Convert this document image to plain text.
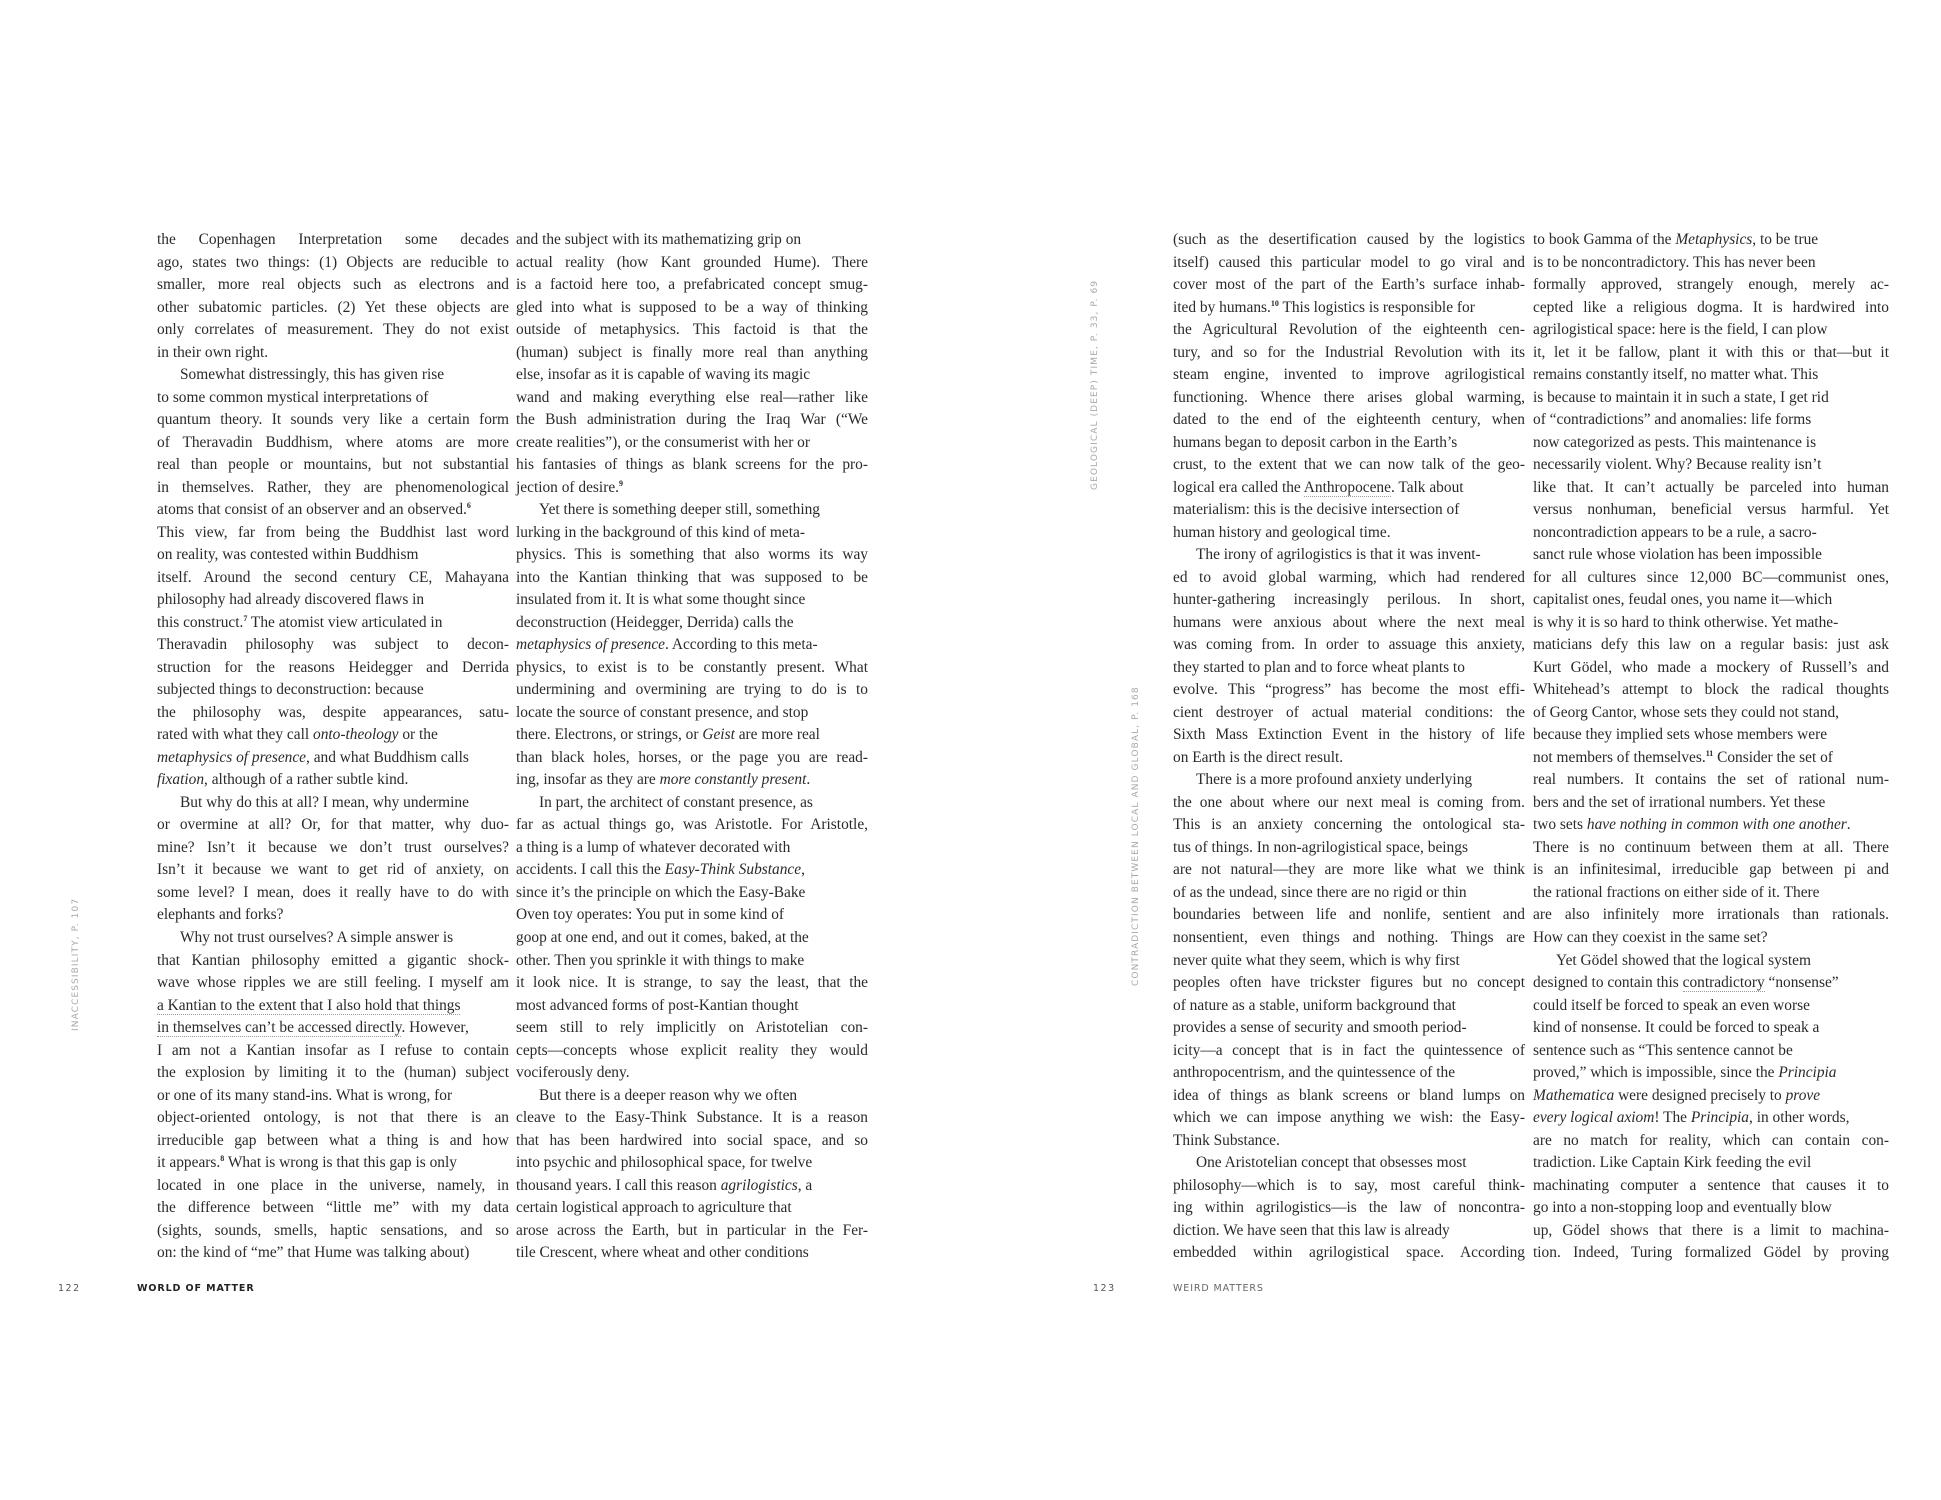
the Copenhagen Interpretation some decades
ago, states two things: (1) Objects are reducible to
smaller, more real objects such as electrons and
other subatomic particles. (2) Yet these objects are
only correlates of measurement. They do not exist
in their own right.
Somewhat distressingly, this has given rise
to some common mystical interpretations of
quantum theory. It sounds very like a certain form
of Theravadin Buddhism, where atoms are more
real than people or mountains, but not substantial
in themselves. Rather, they are phenomenological
atoms that consist of an observer and an observed.$^6$
This view, far from being the Buddhist last word
on reality, was contested within Buddhism
itself. Around the second century CE, Mahayana
philosophy had already discovered flaws in
this construct.$^7$ The atomist view articulated in
Theravadin philosophy was subject to decon-
struction for the reasons Heidegger and Derrida
subjected things to deconstruction: because
the philosophy was, despite appearances, satu-
rated with what they call onto-theology or the
metaphysics of presence, and what Buddhism calls
fixation, although of a rather subtle kind.
But why do this at all? I mean, why undermine
or overmine at all? Or, for that matter, why duo-
mine? Isn’t it because we don’t trust ourselves?
Isn’t it because we want to get rid of anxiety, on
some level? I mean, does it really have to do with
elephants and forks?
Why not trust ourselves? A simple answer is
that Kantian philosophy emitted a gigantic shock-
wave whose ripples we are still feeling. I myself am
a Kantian to the extent that I also hold that things
in themselves can’t be accessed directly. However,
I am not a Kantian insofar as I refuse to contain
the explosion by limiting it to the (human) subject
or one of its many stand-ins. What is wrong, for
object-oriented ontology, is not that there is an
irreducible gap between what a thing is and how
it appears.$^8$ What is wrong is that this gap is only
located in one place in the universe, namely, in
the difference between “little me” with my data
(sights, sounds, smells, haptic sensations, and so
on: the kind of “me” that Hume was talking about)
and the subject with its mathematizing grip on
actual reality (how Kant grounded Hume). There
is a factoid here too, a prefabricated concept smug-
gled into what is supposed to be a way of thinking
outside of metaphysics. This factoid is that the
(human) subject is finally more real than anything
else, insofar as it is capable of waving its magic
wand and making everything else real—rather like
the Bush administration during the Iraq War (“We
create realities”), or the consumerist with her or
his fantasies of things as blank screens for the pro-
jection of desire.$^9$
Yet there is something deeper still, something
lurking in the background of this kind of meta-
physics. This is something that also worms its way
into the Kantian thinking that was supposed to be
insulated from it. It is what some thought since
deconstruction (Heidegger, Derrida) calls the
metaphysics of presence. According to this meta-
physics, to exist is to be constantly present. What
undermining and overmining are trying to do is to
locate the source of constant presence, and stop
there. Electrons, or strings, or Geist are more real
than black holes, horses, or the page you are read-
ing, insofar as they are more constantly present.
In part, the architect of constant presence, as
far as actual things go, was Aristotle. For Aristotle,
a thing is a lump of whatever decorated with
accidents. I call this the Easy-Think Substance,
since it’s the principle on which the Easy-Bake
Oven toy operates: You put in some kind of
goop at one end, and out it comes, baked, at the
other. Then you sprinkle it with things to make
it look nice. It is strange, to say the least, that the
most advanced forms of post-Kantian thought
seem still to rely implicitly on Aristotelian con-
cepts—concepts whose explicit reality they would
vociferously deny.
But there is a deeper reason why we often
cleave to the Easy-Think Substance. It is a reason
that has been hardwired into social space, and so
into psychic and philosophical space, for twelve
thousand years. I call this reason agrilogistics, a
certain logistical approach to agriculture that
arose across the Earth, but in particular in the Fer-
tile Crescent, where wheat and other conditions
INACCESSIBILITY, P. 107
122	WORLD OF MATTER
(such as the desertification caused by the logistics
itself) caused this particular model to go viral and
cover most of the part of the Earth’s surface inhab-
ited by humans.$^{10}$ This logistics is responsible for
the Agricultural Revolution of the eighteenth cen-
tury, and so for the Industrial Revolution with its
steam engine, invented to improve agrilogistical
functioning. Whence there arises global warming,
dated to the end of the eighteenth century, when
humans began to deposit carbon in the Earth’s
crust, to the extent that we can now talk of the geo-
logical era called the Anthropocene. Talk about
materialism: this is the decisive intersection of
human history and geological time.
The irony of agrilogistics is that it was invent-
ed to avoid global warming, which had rendered
hunter-gathering increasingly perilous. In short,
humans were anxious about where the next meal
was coming from. In order to assuage this anxiety,
they started to plan and to force wheat plants to
evolve. This “progress” has become the most effi-
cient destroyer of actual material conditions: the
Sixth Mass Extinction Event in the history of life
on Earth is the direct result.
There is a more profound anxiety underlying
the one about where our next meal is coming from.
This is an anxiety concerning the ontological sta-
tus of things. In non-agrilogistical space, beings
are not natural—they are more like what we think
of as the undead, since there are no rigid or thin
boundaries between life and nonlife, sentient and
nonsentient, even things and nothing. Things are
never quite what they seem, which is why first
peoples often have trickster figures but no concept
of nature as a stable, uniform background that
provides a sense of security and smooth period-
icity—a concept that is in fact the quintessence of
anthropocentrism, and the quintessence of the
idea of things as blank screens or bland lumps on
which we can impose anything we wish: the Easy-
Think Substance.
One Aristotelian concept that obsesses most
philosophy—which is to say, most careful think-
ing within agrilogistics—is the law of noncontra-
diction. We have seen that this law is already
embedded within agrilogistical space. According
to book Gamma of the Metaphysics, to be true
is to be noncontradictory. This has never been
formally approved, strangely enough, merely ac-
cepted like a religious dogma. It is hardwired into
agrilogistical space: here is the field, I can plow
it, let it be fallow, plant it with this or that—but it
remains constantly itself, no matter what. This
is because to maintain it in such a state, I get rid
of “contradictions” and anomalies: life forms
now categorized as pests. This maintenance is
necessarily violent. Why? Because reality isn’t
like that. It can’t actually be parceled into human
versus nonhuman, beneficial versus harmful. Yet
noncontradiction appears to be a rule, a sacro-
sanct rule whose violation has been impossible
for all cultures since 12,000 BC—communist ones,
capitalist ones, feudal ones, you name it—which
is why it is so hard to think otherwise. Yet mathe-
maticians defy this law on a regular basis: just ask
Kurt Gödel, who made a mockery of Russell’s and
Whitehead’s attempt to block the radical thoughts
of Georg Cantor, whose sets they could not stand,
because they implied sets whose members were
not members of themselves.$^{11}$ Consider the set of
real numbers. It contains the set of rational num-
bers and the set of irrational numbers. Yet these
two sets have nothing in common with one another.
There is no continuum between them at all. There
is an infinitesimal, irreducible gap between pi and
the rational fractions on either side of it. There
are also infinitely more irrationals than rationals.
How can they coexist in the same set?
Yet Gödel showed that the logical system
designed to contain this contradictory “nonsense”
could itself be forced to speak an even worse
kind of nonsense. It could be forced to speak a
sentence such as “This sentence cannot be
proved,” which is impossible, since the Principia
Mathematica were designed precisely to prove
every logical axiom! The Principia, in other words,
are no match for reality, which can contain con-
tradiction. Like Captain Kirk feeding the evil
machinating computer a sentence that causes it to
go into a non-stopping loop and eventually blow
up, Gödel shows that there is a limit to machina-
tion. Indeed, Turing formalized Gödel by proving
GEOLOGICAL (DEEP) TIME, P. 33, P. 69
CONTRADICTION BETWEEN LOCAL AND GLOBAL, P. 168
123	WEIRD MATTERS
